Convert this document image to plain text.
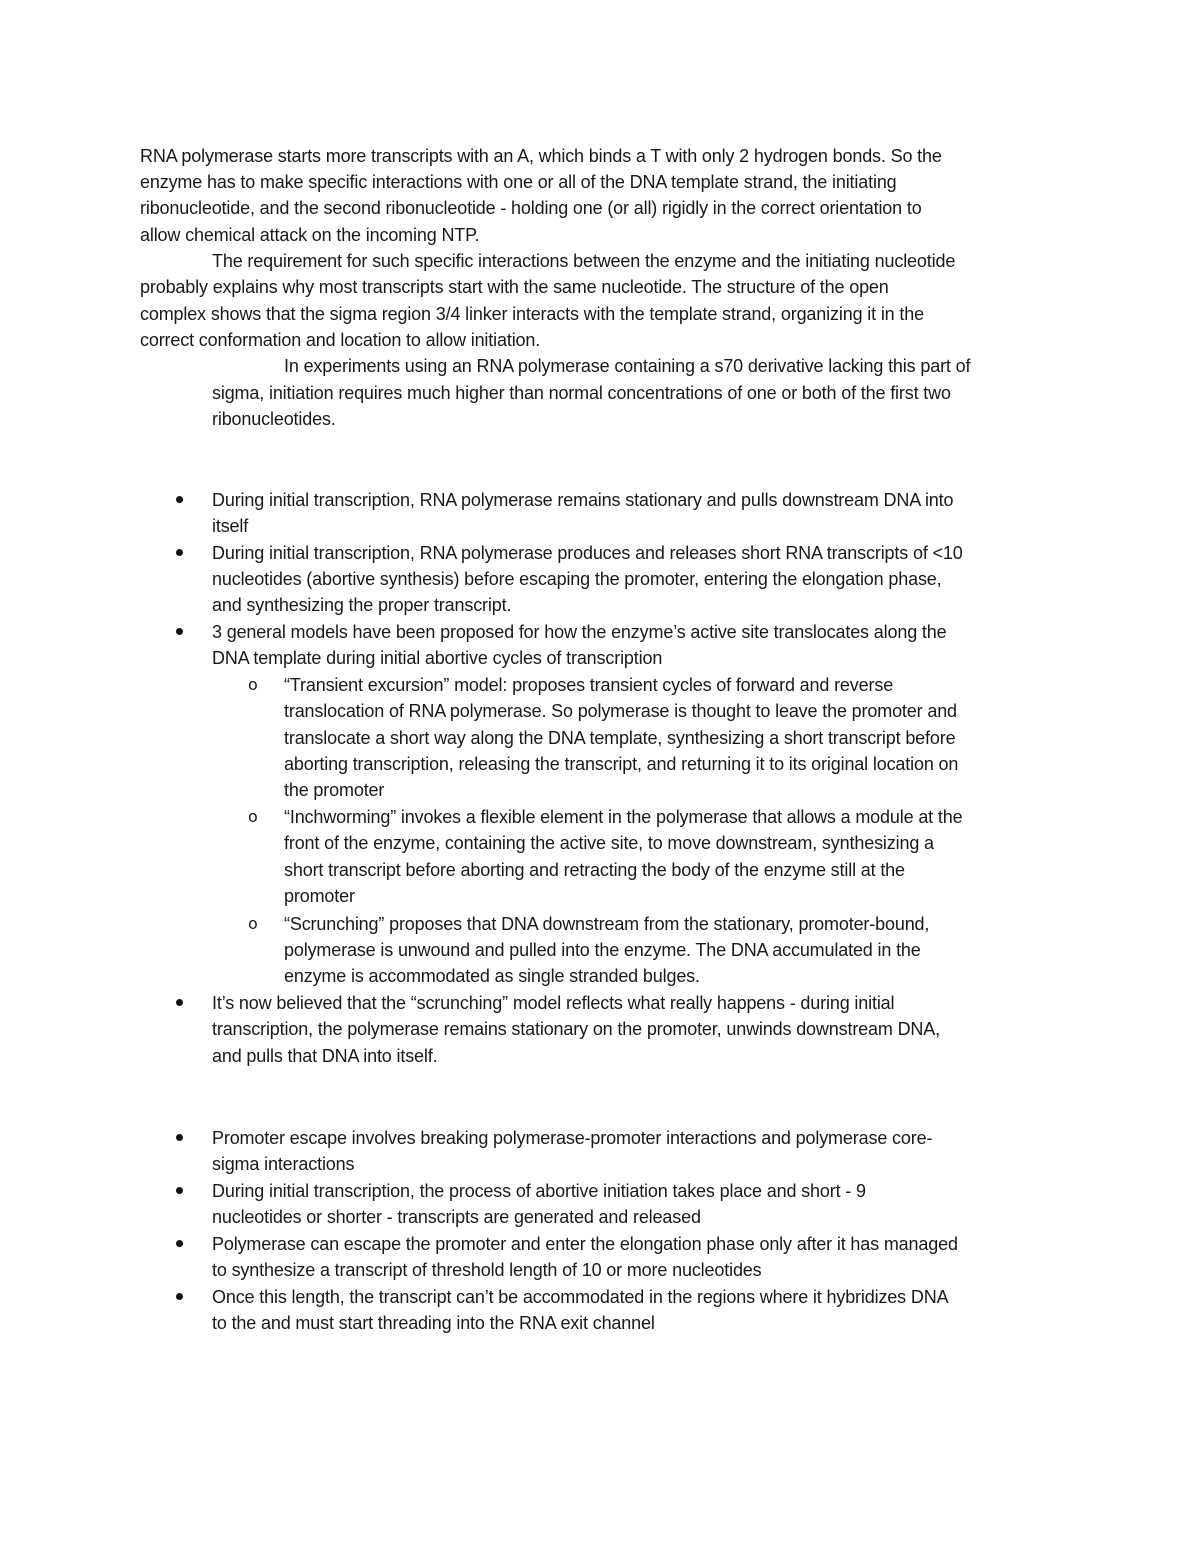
RNA polymerase starts more transcripts with an A, which binds a T with only 2 hydrogen bonds. So the
enzyme has to make specific interactions with one or all of the DNA template strand, the initiating
ribonucleotide, and the second ribonucleotide - holding one (or all) rigidly in the correct orientation to
allow chemical attack on the incoming NTP.
The requirement for such specific interactions between the enzyme and the initiating nucleotide
probably explains why most transcripts start with the same nucleotide. The structure of the open
complex shows that the sigma region 3/4 linker interacts with the template strand, organizing it in the
correct conformation and location to allow initiation.
In experiments using an RNA polymerase containing a s70 derivative lacking this part of
sigma, initiation requires much higher than normal concentrations of one or both of the first two
ribonucleotides.
During initial transcription, RNA polymerase remains stationary and pulls downstream DNA into
itself
During initial transcription, RNA polymerase produces and releases short RNA transcripts of <10
nucleotides (abortive synthesis) before escaping the promoter, entering the elongation phase,
and synthesizing the proper transcript.
3 general models have been proposed for how the enzyme’s active site translocates along the
DNA template during initial abortive cycles of transcription
o “Transient excursion” model: proposes transient cycles of forward and reverse
translocation of RNA polymerase. So polymerase is thought to leave the promoter and
translocate a short way along the DNA template, synthesizing a short transcript before
aborting transcription, releasing the transcript, and returning it to its original location on
the promoter
o “Inchworming” invokes a flexible element in the polymerase that allows a module at the
front of the enzyme, containing the active site, to move downstream, synthesizing a
short transcript before aborting and retracting the body of the enzyme still at the
promoter
o “Scrunching” proposes that DNA downstream from the stationary, promoter-bound,
polymerase is unwound and pulled into the enzyme. The DNA accumulated in the
enzyme is accommodated as single stranded bulges.
It’s now believed that the “scrunching” model reflects what really happens - during initial
transcription, the polymerase remains stationary on the promoter, unwinds downstream DNA,
and pulls that DNA into itself.
Promoter escape involves breaking polymerase-promoter interactions and polymerase core-
sigma interactions
During initial transcription, the process of abortive initiation takes place and short - 9
nucleotides or shorter - transcripts are generated and released
Polymerase can escape the promoter and enter the elongation phase only after it has managed
to synthesize a transcript of threshold length of 10 or more nucleotides
Once this length, the transcript can’t be accommodated in the regions where it hybridizes DNA
to the and must start threading into the RNA exit channel
